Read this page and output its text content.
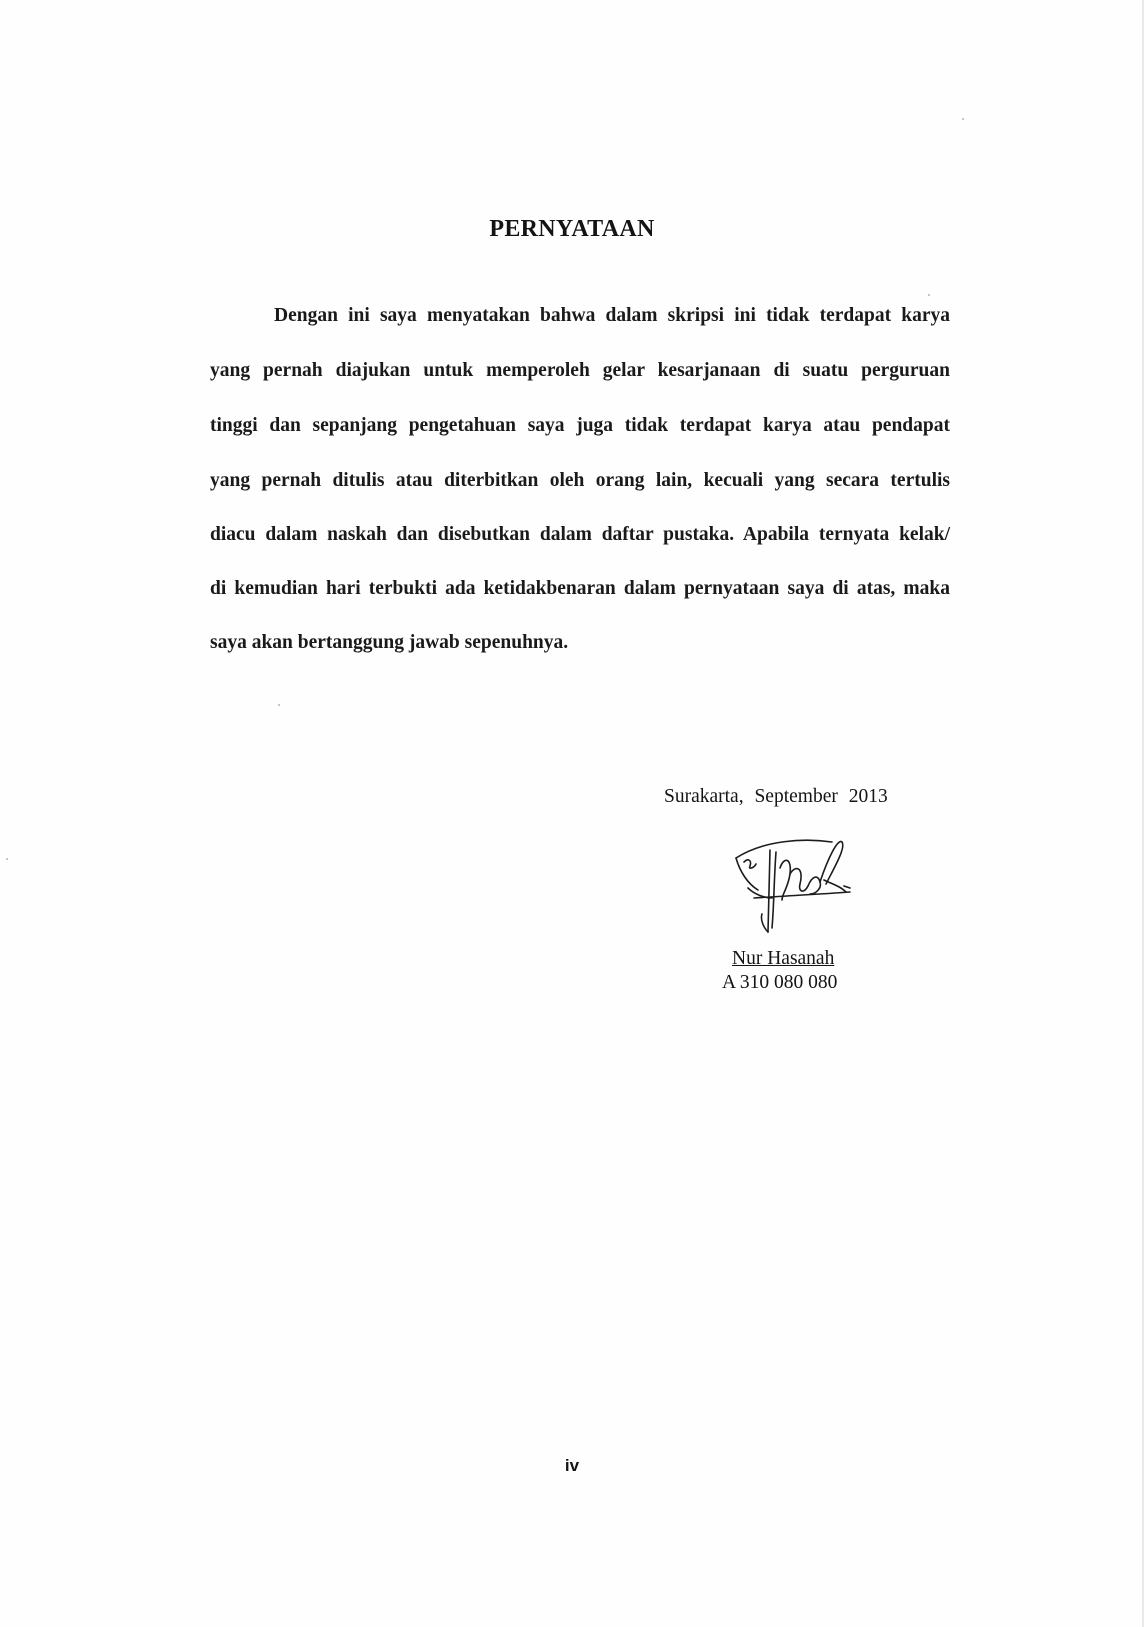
PERNYATAAN
Dengan ini saya menyatakan bahwa dalam skripsi ini tidak terdapat karya
yang pernah diajukan untuk memperoleh gelar kesarjanaan di suatu perguruan
tinggi dan sepanjang pengetahuan saya juga tidak terdapat karya atau pendapat
yang pernah ditulis atau diterbitkan oleh orang lain, kecuali yang secara tertulis
diacu dalam naskah dan disebutkan dalam daftar pustaka. Apabila ternyata kelak/
di kemudian hari terbukti ada ketidakbenaran dalam pernyataan saya di atas, maka
saya akan bertanggung jawab sepenuhnya.
Surakarta, September 2013
Nur Hasanah
A 310 080 080
iv
